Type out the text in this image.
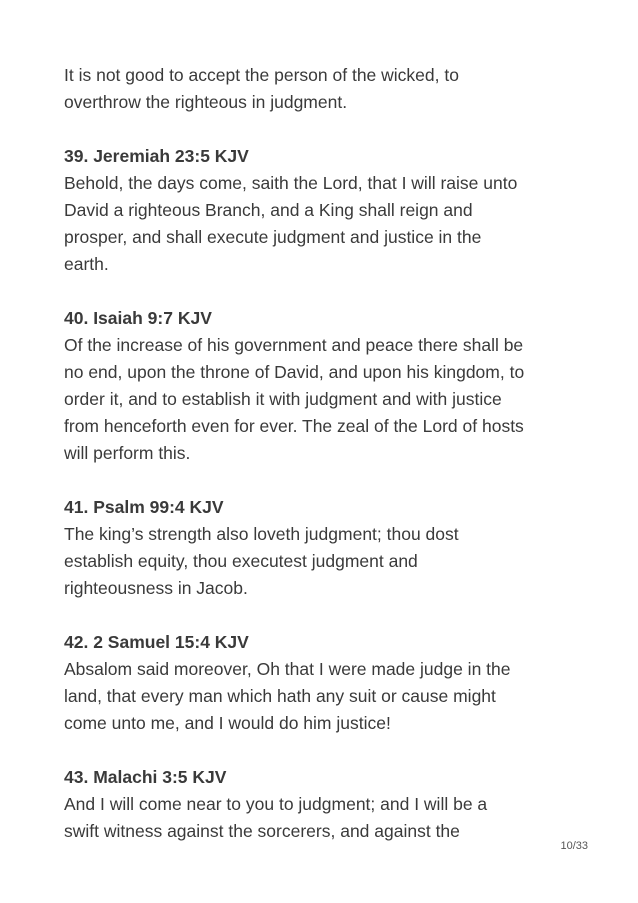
It is not good to accept the person of the wicked, to
overthrow the righteous in judgment.

39. Jeremiah 23:5 KJV

Behold, the days come, saith the Lord, that I will raise unto
David a righteous Branch, and a King shall reign and
prosper, and shall execute judgment and justice in the
earth.

40. Isaiah 9:7 KJV

Of the increase of his government and peace there shall be
no end, upon the throne of David, and upon his kingdom, to
order it, and to establish it with judgment and with justice
from henceforth even for ever. The zeal of the Lord of hosts
will perform this.

41. Psalm 99:4 KJV

The king’s strength also loveth judgment; thou dost
establish equity, thou executest judgment and
righteousness in Jacob.

42. 2 Samuel 15:4 KJV

Absalom said moreover, Oh that I were made judge in the
land, that every man which hath any suit or cause might
come unto me, and I would do him justice!

43. Malachi 3:5 KJV

And I will come near to you to judgment; and I will be a
swift witness against the sorcerers, and against the

10/33
